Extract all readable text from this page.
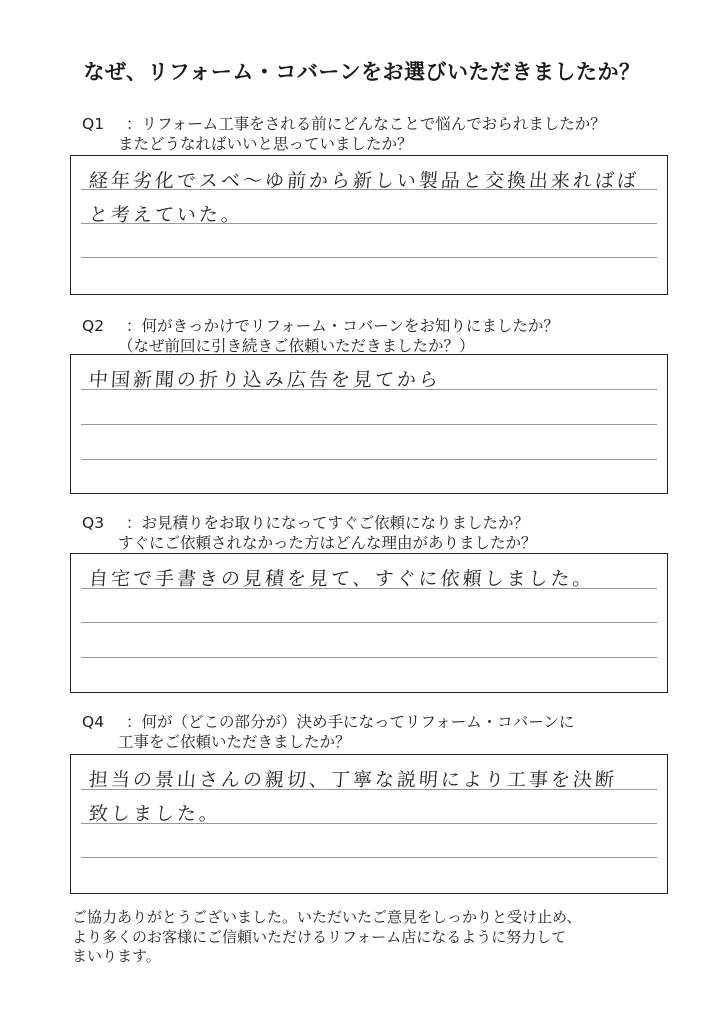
なぜ、リフォーム・コバーンをお選びいただきましたか？
Q1 ：リフォーム工事をされる前にどんなことで悩んでおられましたか？
またどうなればいいと思っていましたか？
経年劣化でスベ～ゆ前から新しい製品と交換出来ればば
と考えていた。
Q2 ：何がきっかけでリフォーム・コバーンをお知りにましたか？
（なぜ前回に引き続きご依頼いただきましたか？）
中国新聞の折り込み広告を見てから
Q3 ：お見積りをお取りになってすぐご依頼になりましたか？
すぐにご依頼されなかった方はどんな理由がありましたか？
自宅で手書きの見積を見て、すぐに依頼しました。
Q4 ：何が（どこの部分が）決め手になってリフォーム・コバーンに
工事をご依頼いただきましたか？
担当の景山さんの親切、丁寧な説明により工事を決断
致しました。
ご協力ありがとうございました。いただいたご意見をしっかりと受け止め、
より多くのお客様にご信頼いただけるリフォーム店になるように努力して
まいります。
